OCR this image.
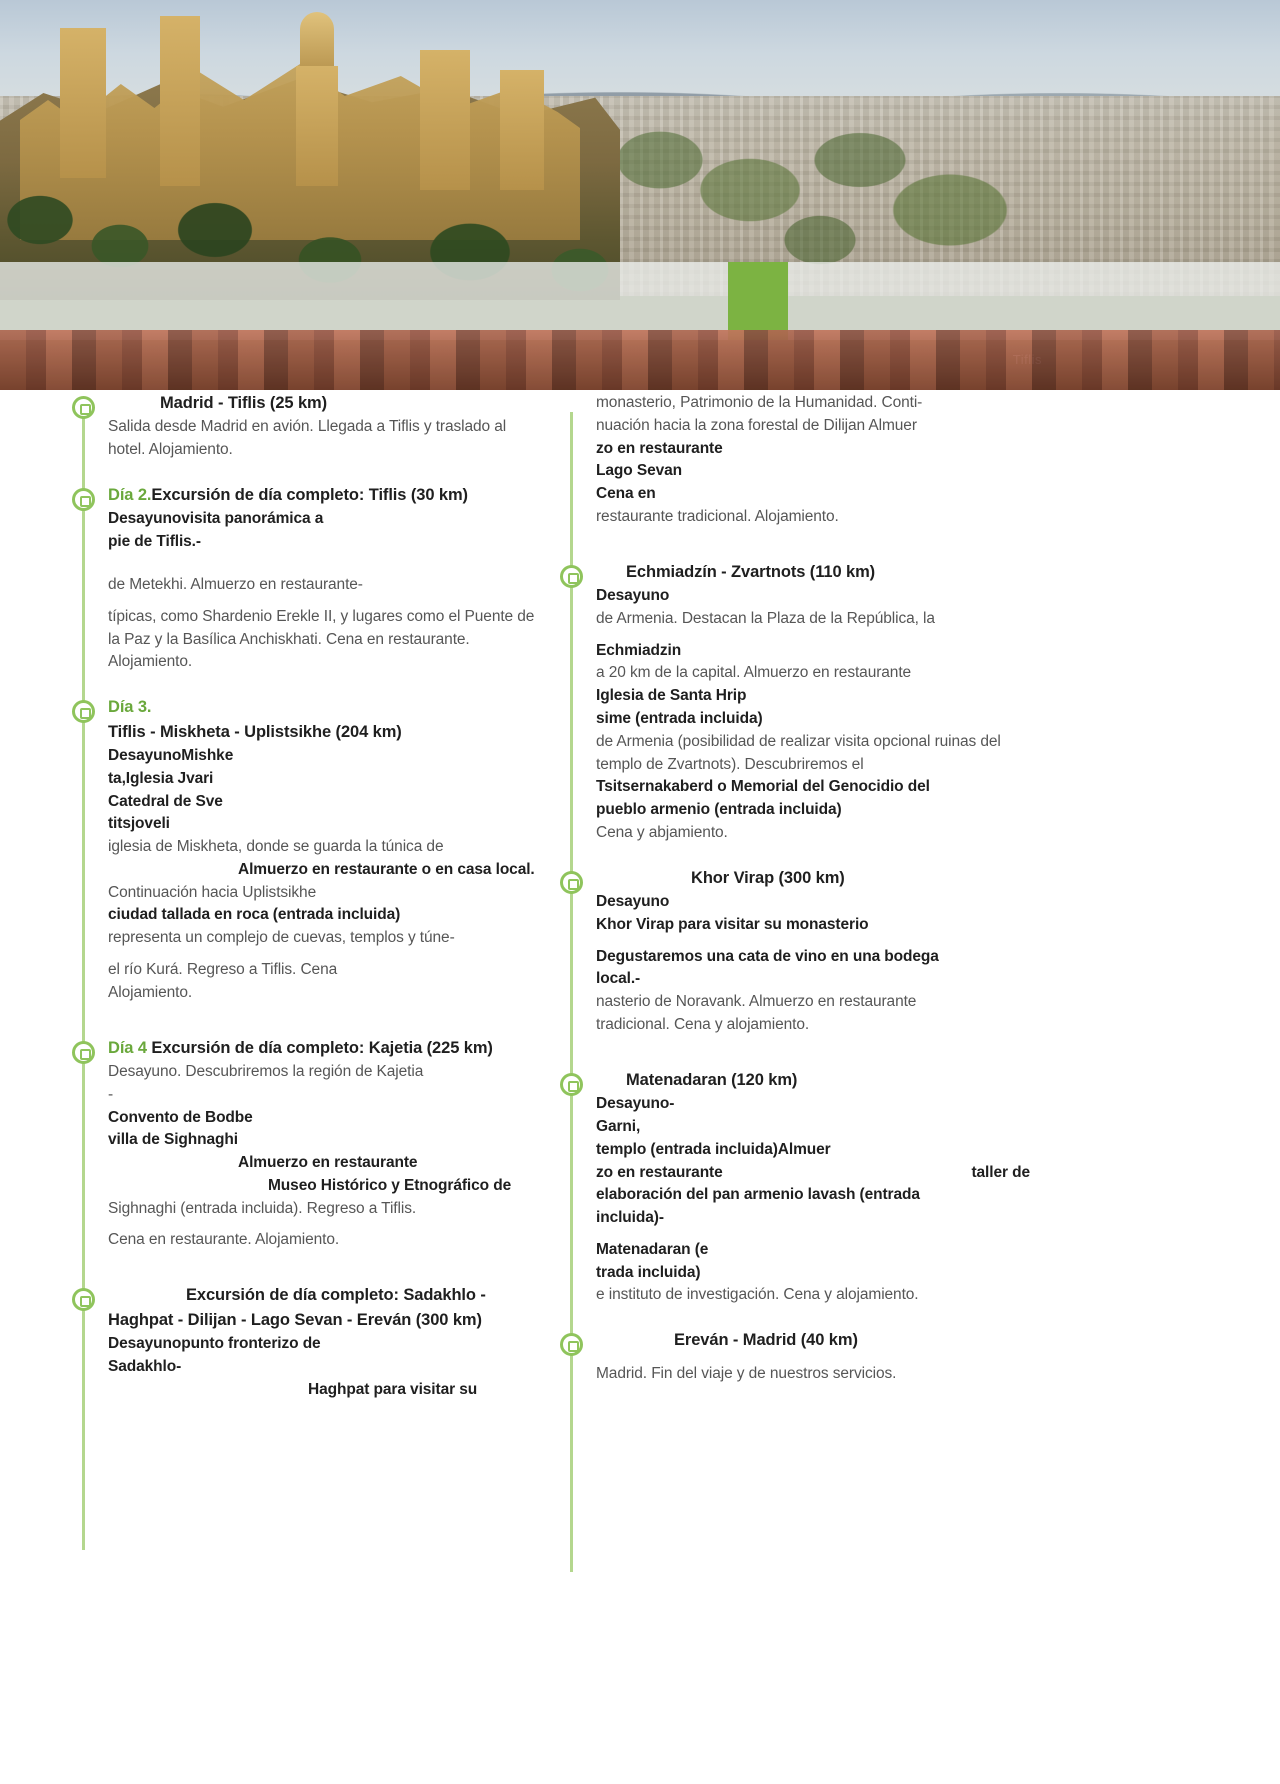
Madrid - Tiflis (25 km)

Salida desde Madrid en avión. Llegada a Tiflis y traslado al hotel. Alojamiento.

Día 2.Excursión de día completo: Tiflis (30 km)

Desayunovisita panorámica a

pie de Tiflis.-

de Metekhi. Almuerzo en restaurante-

típicas, como Shardenio Erekle II, y lugares como el Puente de la Paz y la Basílica Anchiskhati. Cena en restaurante. Alojamiento.

Día 3.

Tiflis - Miskheta - Uplistsikhe (204 km)

DesayunoMishke

ta,Iglesia Jvari

Catedral de Sve

titsjoveli

iglesia de Miskheta, donde se guarda la túnica de

Almuerzo en restaurante o en casa local.

Continuación hacia Uplistsikhe

ciudad tallada en roca (entrada incluida)

representa un complejo de cuevas, templos y túne-

el río Kurá. Regreso a Tiflis. Cena

Alojamiento.

Día 4 Excursión de día completo: Kajetia (225 km)

Desayuno. Descubriremos la región de Kajetia

-

Convento de Bodbe

villa de Sighnaghi

Almuerzo en restaurante

Museo Histórico y Etnográfico de

Sighnaghi (entrada incluida). Regreso a Tiflis.

Cena en restaurante. Alojamiento.

Excursión de día completo: Sadakhlo -

Haghpat - Dilijan - Lago Sevan - Ereván (300 km)

Desayunopunto fronterizo de

Sadakhlo-

Haghpat para visitar su

monasterio, Patrimonio de la Humanidad. Conti-

nuación hacia la zona forestal de Dilijan Almuer

zo en restaurante

Lago Sevan

Cena en

restaurante tradicional. Alojamiento.

Echmiadzín - Zvartnots (110 km)

Desayuno

de Armenia. Destacan la Plaza de la República, la

Echmiadzin

a 20 km de la capital. Almuerzo en restaurante

Iglesia de Santa Hrip

sime (entrada incluida)

de Armenia (posibilidad de realizar visita opcional ruinas del templo de Zvartnots). Descubriremos el

Tsitsernakaberd o Memorial del Genocidio del

pueblo armenio (entrada incluida)

Cena y abjamiento.

Khor Virap (300 km)

Desayuno

Khor Virap para visitar su monasterio

Degustaremos una cata de vino en una bodega

local.-

nasterio de Noravank. Almuerzo en restaurante

tradicional. Cena y alojamiento.

Matenadaran (120 km)

Desayuno-

Garni,

templo (entrada incluida)Almuer

zo en restaurante	taller de

elaboración del pan armenio lavash (entrada

incluida)-

Matenadaran (e

trada incluida)

e instituto de investigación. Cena y alojamiento.

Ereván - Madrid (40 km)

Madrid. Fin del viaje y de nuestros servicios.
